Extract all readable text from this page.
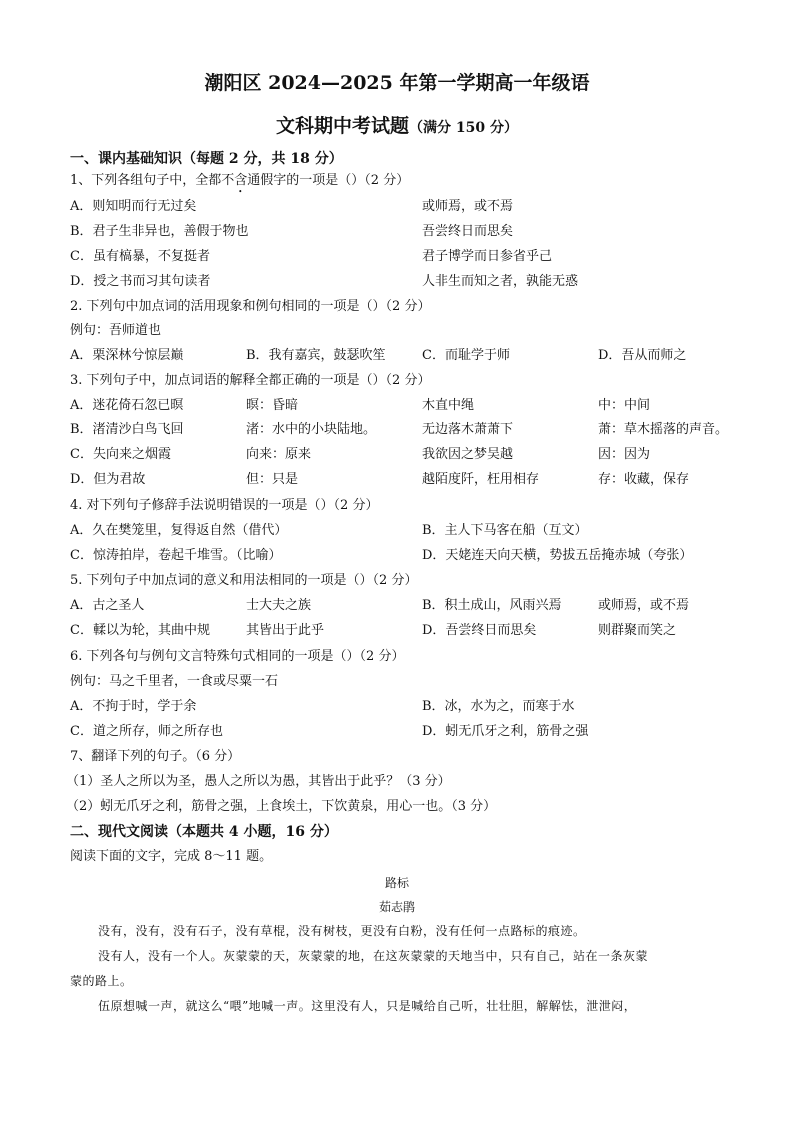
潮阳区 2024—2025 年第一学期高一年级语
文科期中考试题（满分 150 分）
一、课内基础知识（每题 2 分，共 18 分）
1、下列各组句子中，全都不含通假字的一项是（）（2 分）
A．则知明而行无过矣	或师焉，或不焉
B．君子生非异也，善假于物也	吾尝终日而思矣
C．虽有槁暴，不复挺者	君子博学而日参省乎己
D．授之书而习其句读者	人非生而知之者，孰能无惑
2. 下列句中加点词的活用现象和例句相同的一项是（）（2 分）
例句：吾师道也
A．栗深林兮惊层巅	B．我有嘉宾，鼓瑟吹笙	C．而耻学于师	D．吾从而师之
3. 下列句子中，加点词语的解释全都正确的一项是（）（2 分）
A．迷花倚石忽已暝	暝：昏暗	木直中绳	中：中间
B．渚清沙白鸟飞回	渚：水中的小块陆地。	无边落木萧萧下	萧：草木摇落的声音。
C．失向来之烟霞	向来：原来	我欲因之梦吴越	因：因为
D．但为君故	但：只是	越陌度阡，枉用相存	存：收藏，保存
4. 对下列句子修辞手法说明错误的一项是（）（2 分）
A．久在樊笼里，复得返自然（借代）	B．主人下马客在船（互文）
C．惊涛拍岸，卷起千堆雪。（比喻）	D．天姥连天向天横，势拔五岳掩赤城（夸张）
5. 下列句子中加点词的意义和用法相同的一项是（）（2 分）
A．古之圣人	士大夫之族	B．积土成山，风雨兴焉	或师焉，或不焉
C．輮以为轮，其曲中规	其皆出于此乎	D．吾尝终日而思矣	则群聚而笑之
6. 下列各句与例句文言特殊句式相同的一项是（）（2 分）
例句：马之千里者，一食或尽粟一石
A．不拘于时，学于余	B．冰，水为之，而寒于水
C．道之所存，师之所存也	D．蚓无爪牙之利，筋骨之强
7、翻译下列的句子。（6 分）
（1）圣人之所以为圣，愚人之所以为愚，其皆出于此乎？（3 分）
（2）蚓无爪牙之利，筋骨之强，上食埃土，下饮黄泉，用心一也。（3 分）
二、现代文阅读（本题共 4 小题，16 分）
阅读下面的文字，完成 8～11 题。
路标
茹志鹃
没有，没有，没有石子，没有草棍，没有树枝，更没有白粉，没有任何一点路标的痕迹。
没有人，没有一个人。灰蒙蒙的天，灰蒙蒙的地，在这灰蒙蒙的天地当中，只有自己，站在一条灰蒙
蒙的路上。
伍原想喊一声，就这么“喂”地喊一声。这里没有人，只是喊给自己听，壮壮胆，解解怯，泄泄闷，
